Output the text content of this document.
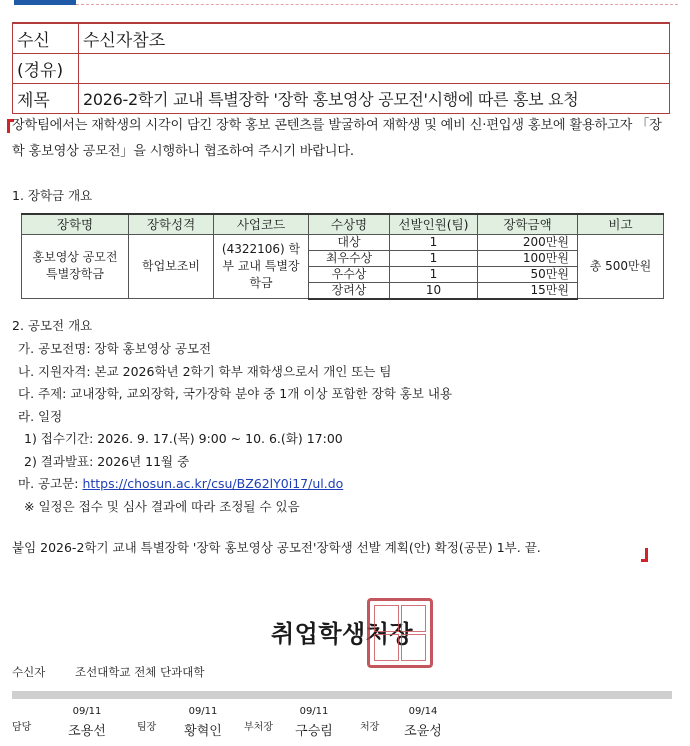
수신	수신자참조
(경유)	
제목	2026-2학기 교내 특별장학 '장학 홍보영상 공모전'시행에 따른 홍보 요청
장학팀에서는 재학생의 시각이 담긴 장학 홍보 콘텐츠를 발굴하여 재학생 및 예비 신·편입생 홍보에 활용하고자 「장학 홍보영상 공모전」을 시행하니 협조하여 주시기 바랍니다.
1. 장학금 개요
장학명	장학성격	사업코드	수상명	선발인원(팀)	장학금액	비고
홍보영상 공모전 특별장학금	학업보조비	(4322106) 학부 교내 특별장학금	대상	1	200만원	총 500만원
			최우수상	1	100만원	
			우수상	1	50만원	
			장려상	10	15만원	
2. 공모전 개요
가. 공모전명: 장학 홍보영상 공모전
나. 지원자격: 본교 2026학년 2학기 학부 재학생으로서 개인 또는 팀
다. 주제: 교내장학, 교외장학, 국가장학 분야 중 1개 이상 포함한 장학 홍보 내용
라. 일정
1) 접수기간: 2026. 9. 17.(목) 9:00 ~ 10. 6.(화) 17:00
2) 결과발표: 2026년 11월 중
마. 공고문: https://chosun.ac.kr/csu/BZ62lY0i17/ul.do
※ 일정은 접수 및 심사 결과에 따라 조정될 수 있음
붙임 2026-2학기 교내 특별장학 '장학 홍보영상 공모전'장학생 선발 계획(안) 확정(공문) 1부. 끝.
취업학생처장
수신자	조선대학교 전체 단과대학
담당
09/11
조용선	팀장
09/11
황혁인	부처장
09/11
구승림	처장
09/14
조윤성
